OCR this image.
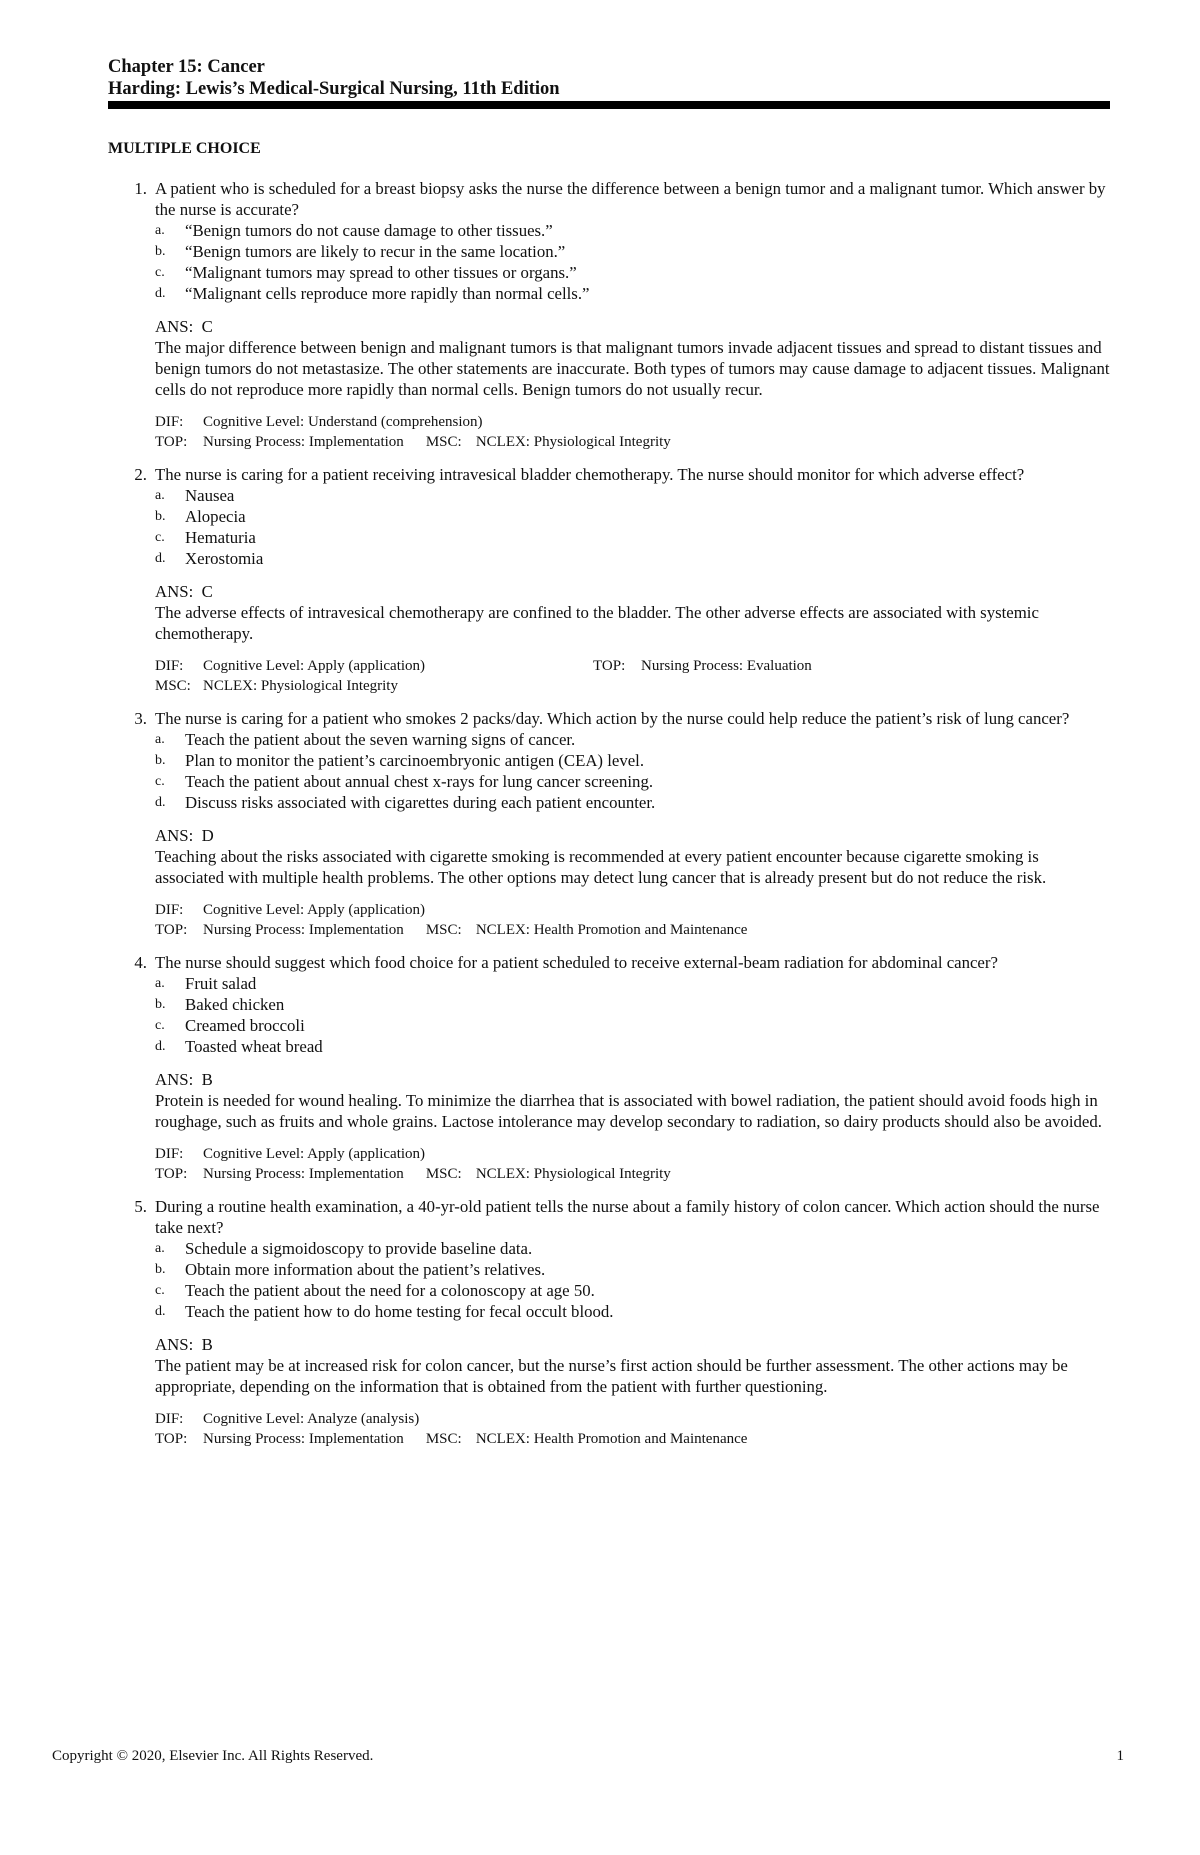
Chapter 15: Cancer
Harding: Lewis’s Medical-Surgical Nursing, 11th Edition
MULTIPLE CHOICE
1. A patient who is scheduled for a breast biopsy asks the nurse the difference between a benign tumor and a malignant tumor. Which answer by the nurse is accurate?
a.	“Benign tumors do not cause damage to other tissues.”
b.	“Benign tumors are likely to recur in the same location.”
c.	“Malignant tumors may spread to other tissues or organs.”
d.	“Malignant cells reproduce more rapidly than normal cells.”
ANS: C
The major difference between benign and malignant tumors is that malignant tumors invade adjacent tissues and spread to distant tissues and benign tumors do not metastasize. The other statements are inaccurate. Both types of tumors may cause damage to adjacent tissues. Malignant cells do not reproduce more rapidly than normal cells. Benign tumors do not usually recur.
DIF: Cognitive Level: Understand (comprehension)
TOP: Nursing Process: Implementation MSC: NCLEX: Physiological Integrity
2. The nurse is caring for a patient receiving intravesical bladder chemotherapy. The nurse should monitor for which adverse effect?
a.	Nausea
b.	Alopecia
c.	Hematuria
d.	Xerostomia
ANS: C
The adverse effects of intravesical chemotherapy are confined to the bladder. The other adverse effects are associated with systemic chemotherapy.
DIF: Cognitive Level: Apply (application)	TOP: Nursing Process: Evaluation
MSC: NCLEX: Physiological Integrity
3. The nurse is caring for a patient who smokes 2 packs/day. Which action by the nurse could help reduce the patient’s risk of lung cancer?
a.	Teach the patient about the seven warning signs of cancer.
b.	Plan to monitor the patient’s carcinoembryonic antigen (CEA) level.
c.	Teach the patient about annual chest x-rays for lung cancer screening.
d.	Discuss risks associated with cigarettes during each patient encounter.
ANS: D
Teaching about the risks associated with cigarette smoking is recommended at every patient encounter because cigarette smoking is associated with multiple health problems. The other options may detect lung cancer that is already present but do not reduce the risk.
DIF: Cognitive Level: Apply (application)
TOP: Nursing Process: Implementation MSC: NCLEX: Health Promotion and Maintenance
4. The nurse should suggest which food choice for a patient scheduled to receive external-beam radiation for abdominal cancer?
a.	Fruit salad
b.	Baked chicken
c.	Creamed broccoli
d.	Toasted wheat bread
ANS: B
Protein is needed for wound healing. To minimize the diarrhea that is associated with bowel radiation, the patient should avoid foods high in roughage, such as fruits and whole grains. Lactose intolerance may develop secondary to radiation, so dairy products should also be avoided.
DIF: Cognitive Level: Apply (application)
TOP: Nursing Process: Implementation MSC: NCLEX: Physiological Integrity
5. During a routine health examination, a 40-yr-old patient tells the nurse about a family history of colon cancer. Which action should the nurse take next?
a.	Schedule a sigmoidoscopy to provide baseline data.
b.	Obtain more information about the patient’s relatives.
c.	Teach the patient about the need for a colonoscopy at age 50.
d.	Teach the patient how to do home testing for fecal occult blood.
ANS: B
The patient may be at increased risk for colon cancer, but the nurse’s first action should be further assessment. The other actions may be appropriate, depending on the information that is obtained from the patient with further questioning.
DIF: Cognitive Level: Analyze (analysis)
TOP: Nursing Process: Implementation MSC: NCLEX: Health Promotion and Maintenance
Copyright © 2020, Elsevier Inc. All Rights Reserved.	1
